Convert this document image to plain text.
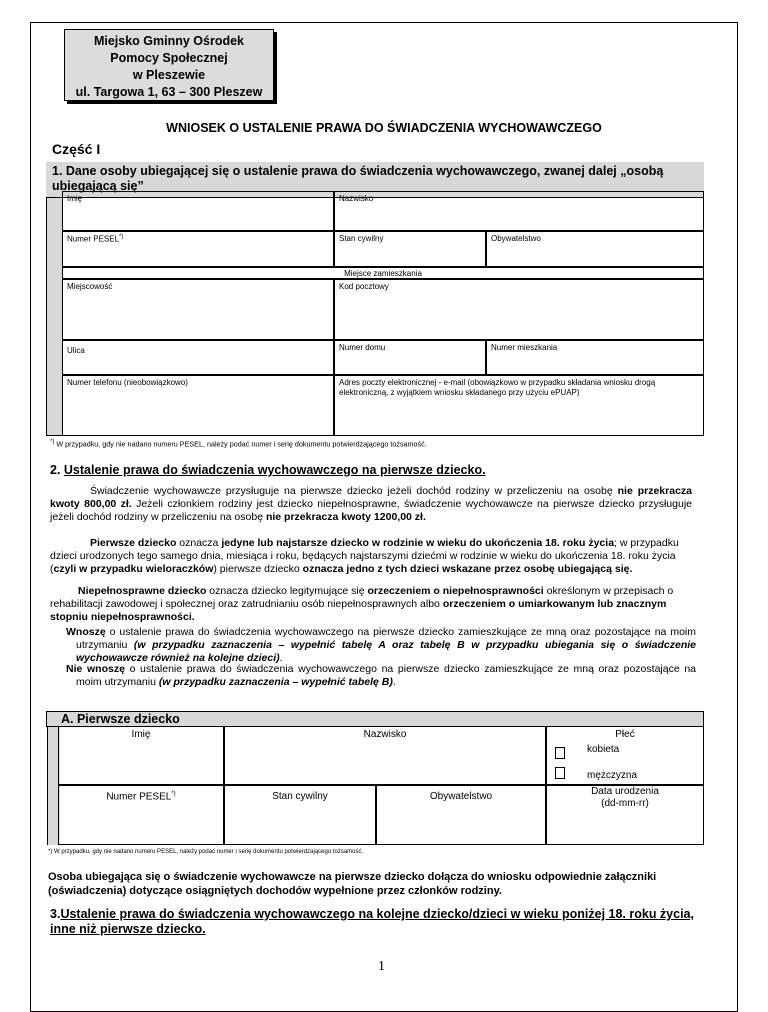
Miejsko Gminny Ośrodek
Pomocy Społecznej
w Pleszewie
ul. Targowa 1, 63 – 300 Pleszew
WNIOSEK O USTALENIE PRAWA DO ŚWIADCZENIA WYCHOWAWCZEGO
Część I
1. Dane osoby ubiegającej się o ustalenie prawa do świadczenia wychowawczego, zwanej dalej „osobą ubiegającą się”
Imię	Nazwisko
Numer PESEL*)	Stan cywilny	Obywatelstwo
Miejsce zamieszkania
Miejscowość	Kod pocztowy
Ulica	Numer domu	Numer mieszkania
Numer telefonu (nieobowiązkowo)	Adres poczty elektronicznej - e-mail (obowiązkowo w przypadku składania wniosku drogą elektroniczną, z wyjątkiem wniosku składanego przy użyciu ePUAP)
*) W przypadku, gdy nie nadano numeru PESEL, należy podać numer i serię dokumentu potwierdzającego tożsamość.
2. Ustalenie prawa do świadczenia wychowawczego na pierwsze dziecko.
Świadczenie wychowawcze przysługuje na pierwsze dziecko jeżeli dochód rodziny w przeliczeniu na osobę nie przekracza kwoty 800,00 zł. Jeżeli członkiem rodziny jest dziecko niepełnosprawne, świadczenie wychowawcze na pierwsze dziecko przysługuje jeżeli dochód rodziny w przeliczeniu na osobę nie przekracza kwoty 1200,00 zł.
Pierwsze dziecko oznacza jedyne lub najstarsze dziecko w rodzinie w wieku do ukończenia 18. roku życia; w przypadku dzieci urodzonych tego samego dnia, miesiąca i roku, będących najstarszymi dziećmi w rodzinie w wieku do ukończenia 18. roku życia (czyli w przypadku wieloraczków) pierwsze dziecko oznacza jedno z tych dzieci wskazane przez osobę ubiegającą się.
Niepełnosprawne dziecko oznacza dziecko legitymujące się orzeczeniem o niepełnosprawności określonym w przepisach o rehabilitacji zawodowej i społecznej oraz zatrudnianiu osób niepełnosprawnych albo orzeczeniem o umiarkowanym lub znacznym stopniu niepełnosprawności.
Wnoszę o ustalenie prawa do świadczenia wychowawczego na pierwsze dziecko zamieszkujące ze mną oraz pozostające na moim utrzymaniu (w przypadku zaznaczenia – wypełnić tabelę A oraz tabelę B w przypadku ubiegania się o świadczenie wychowawcze również na kolejne dzieci).
Nie wnoszę o ustalenie prawa do świadczenia wychowawczego na pierwsze dziecko zamieszkujące ze mną oraz pozostające na moim utrzymaniu (w przypadku zaznaczenia – wypełnić tabelę B).
A. Pierwsze dziecko
Imię	Nazwisko	Płeć
kobieta
mężczyzna
Numer PESEL*)	Stan cywilny	Obywatelstwo	Data urodzenia
(dd-mm-rr)
*) W przypadku, gdy nie nadano numeru PESEL, należy podać numer i serię dokumentu potwierdzającego tożsamość.
Osoba ubiegająca się o świadczenie wychowawcze na pierwsze dziecko dołącza do wniosku odpowiednie załączniki (oświadczenia) dotyczące osiągniętych dochodów wypełnione przez członków rodziny.
3.Ustalenie prawa do świadczenia wychowawczego na kolejne dziecko/dzieci w wieku poniżej 18. roku życia, inne niż pierwsze dziecko.
1
